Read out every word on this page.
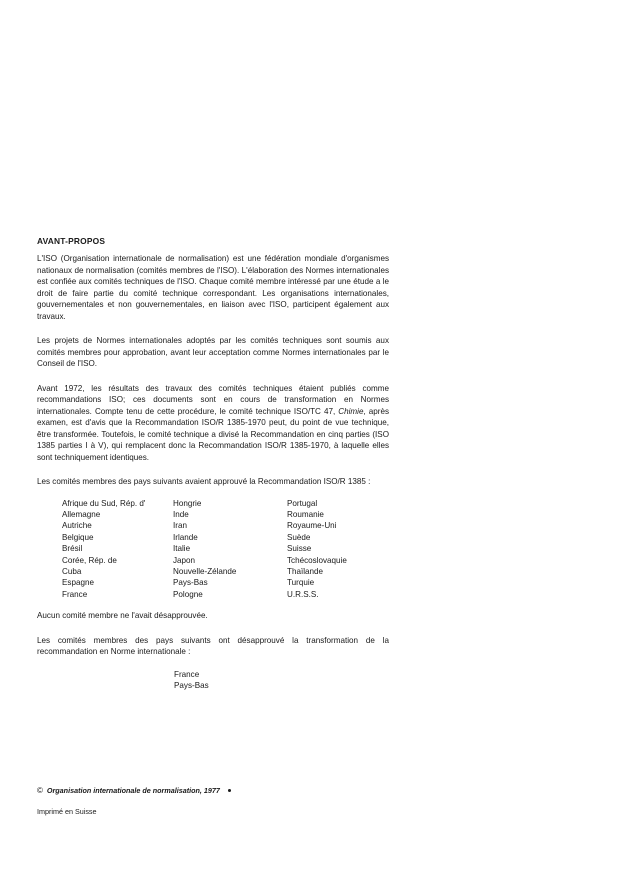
AVANT-PROPOS

L'ISO (Organisation internationale de normalisation) est une fédération mondiale d'organismes nationaux de normalisation (comités membres de l'ISO). L'élaboration des Normes internationales est confiée aux comités techniques de l'ISO. Chaque comité membre intéressé par une étude a le droit de faire partie du comité technique correspondant. Les organisations internationales, gouvernementales et non gouvernementales, en liaison avec l'ISO, participent également aux travaux.

Les projets de Normes internationales adoptés par les comités techniques sont soumis aux comités membres pour approbation, avant leur acceptation comme Normes internationales par le Conseil de l'ISO.

Avant 1972, les résultats des travaux des comités techniques étaient publiés comme recommandations ISO; ces documents sont en cours de transformation en Normes internationales. Compte tenu de cette procédure, le comité technique ISO/TC 47, Chimie, après examen, est d'avis que la Recommandation ISO/R 1385-1970 peut, du point de vue technique, être transformée. Toutefois, le comité technique a divisé la Recommandation en cinq parties (ISO 1385 parties I à V), qui remplacent donc la Recommandation ISO/R 1385-1970, à laquelle elles sont techniquement identiques.

Les comités membres des pays suivants avaient approuvé la Recommandation ISO/R 1385 :

Afrique du Sud, Rép. d'
Allemagne
Autriche
Belgique
Brésil
Corée, Rép. de
Cuba
Espagne
France
Hongrie
Inde
Iran
Irlande
Italie
Japon
Nouvelle-Zélande
Pays-Bas
Pologne
Portugal
Roumanie
Royaume-Uni
Suède
Suisse
Tchécoslovaquie
Thaïlande
Turquie
U.R.S.S.

Aucun comité membre ne l'avait désapprouvée.

Les comités membres des pays suivants ont désapprouvé la transformation de la recommandation en Norme internationale :

France
Pays-Bas
© Organisation internationale de normalisation, 1977
Imprimé en Suisse
